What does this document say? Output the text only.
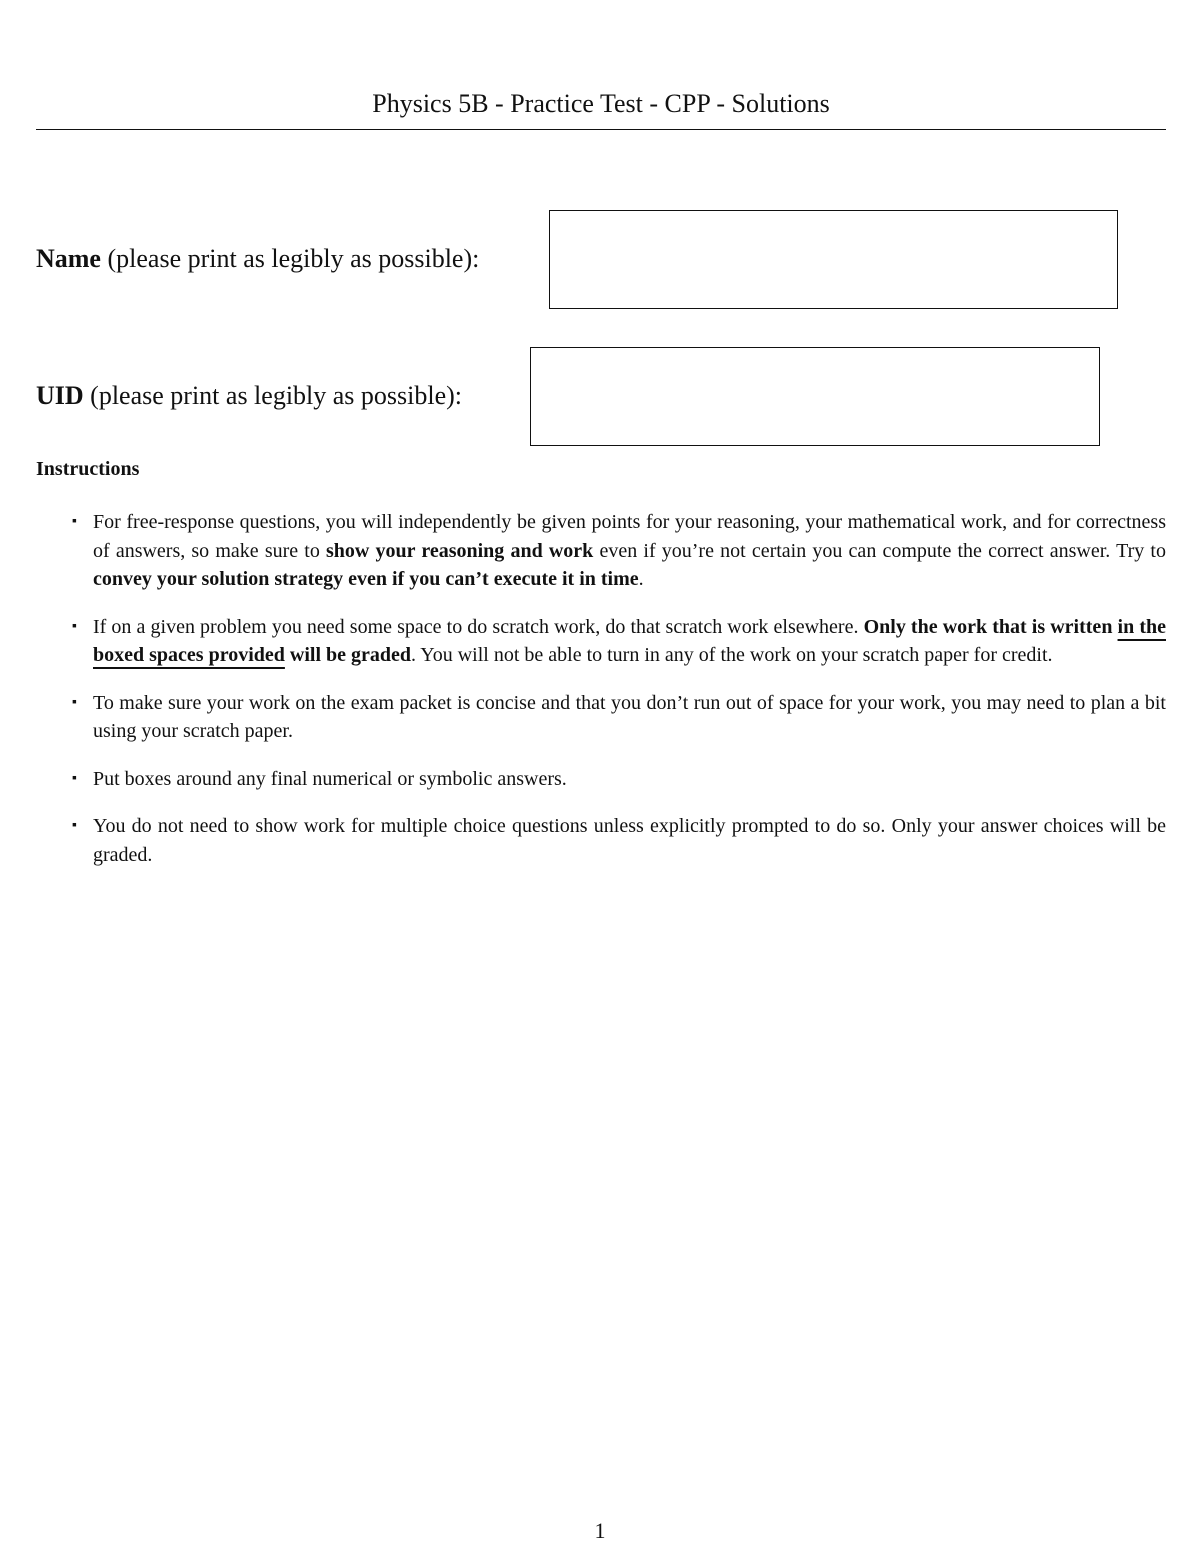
Physics 5B - Practice Test - CPP - Solutions
Name (please print as legibly as possible):
UID (please print as legibly as possible):
Instructions
▪ For free-response questions, you will independently be given points for your reasoning, your mathematical work, and for correctness of answers, so make sure to show your reasoning and work even if you’re not certain you can compute the correct answer. Try to convey your solution strategy even if you can’t execute it in time.
▪ If on a given problem you need some space to do scratch work, do that scratch work elsewhere. Only the work that is written in the boxed spaces provided will be graded. You will not be able to turn in any of the work on your scratch paper for credit.
▪ To make sure your work on the exam packet is concise and that you don’t run out of space for your work, you may need to plan a bit using your scratch paper.
▪ Put boxes around any final numerical or symbolic answers.
▪ You do not need to show work for multiple choice questions unless explicitly prompted to do so. Only your answer choices will be graded.
1
